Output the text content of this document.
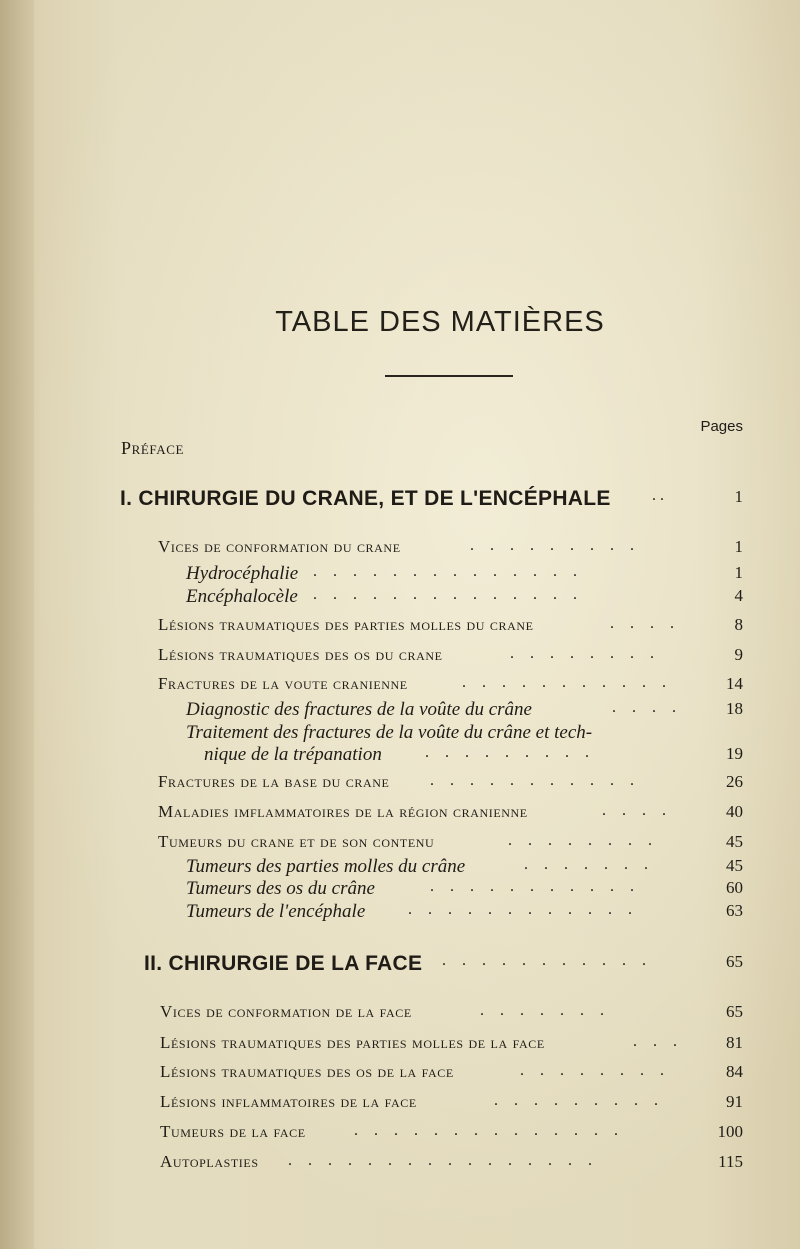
TABLE DES MATIÈRES
Pages
Préface
I. CHIRURGIE DU CRANE, ET DE L'ENCÉPHALE	. .	1
Vices de conformation du crane	. . . . . . . . .	1
Hydrocéphalie . . . . . . . . . . . . . .	1
Encéphalocèle . . . . . . . . . . . . . .	4
Lésions traumatiques des parties molles du crane	. . . .	8
Lésions traumatiques des os du crane	. . . . . . . .	9
Fractures de la voute cranienne	. . . . . . . . . . .	14
Diagnostic des fractures de la voûte du crâne	. . . .	18
Traitement des fractures de la voûte du crâne et tech-
nique de la trépanation	. . . . . . . . .	19
Fractures de la base du crane	. . . . . . . . . . .	26
Maladies imflammatoires de la région cranienne	. . . .	40
Tumeurs du crane et de son contenu	. . . . . . . .	45
Tumeurs des parties molles du crâne	. . . . . . .	45
Tumeurs des os du crâne	. . . . . . . . . . .	60
Tumeurs de l'encéphale	. . . . . . . . . . . .	63
II. CHIRURGIE DE LA FACE . . . . . . . . . . .	65
Vices de conformation de la face	. . . . . . .	65
Lésions traumatiques des parties molles de la face	. . .	81
Lésions traumatiques des os de la face	. . . . . . . .	84
Lésions inflammatoires de la face	. . . . . . . . .	91
Tumeurs de la face	. . . . . . . . . . . . . .	100
Autoplasties . . . . . . . . . . . . . . . .	115
